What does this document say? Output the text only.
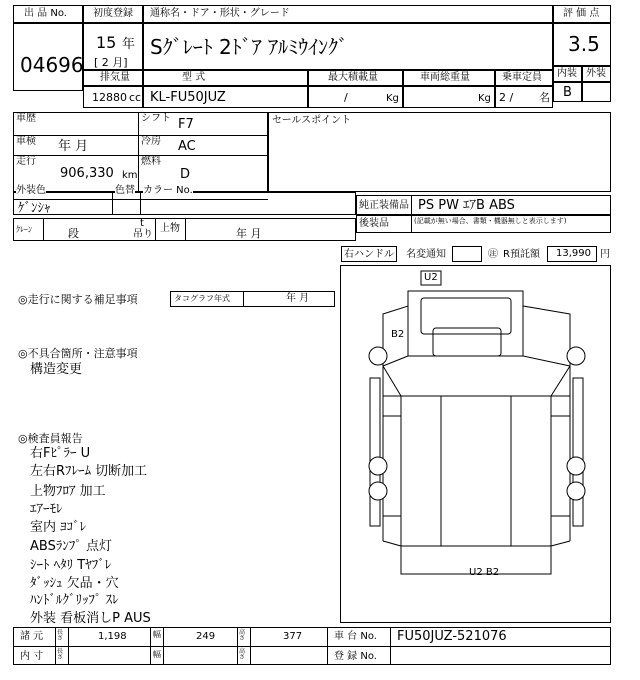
出 品 No.
04696
初度登録 通称名・ドア・形状・グレード
15 年
[ 2 月]
Sｸﾞﾚｰﾄ 2ﾄﾞｱ ｱﾙﾐｳｲﾝｸﾞ
評 価 点
3.5
内装 外装
B
排気量	型 式	最大積載量	車両総重量	乗車定員
12880 cc KL-FU50JUZ	/	Kg	Kg 2 / 名
車歴	シフト F7
車検 年 月	冷房 AC
走行
906,330 km
燃料
D
セールスポイント
外装色	色替 カラー No.
ｹﾞﾝｼｬ	純正装備品 PS PW ｴｱB ABS
後装品	(記載が無い場合、書類・機器無しと表示します)
ｸﾚｰﾝ	段
t
吊り
上物	年 月
右ハンドル 名変通知	㊟ R預託額 13,990 円
◎走行に関する補足事項	タコグラフ年式	年 月
◎不具合箇所・注意事項
構造変更
◎検査員報告
右Fﾋﾟﾗｰ U
左右Rﾌﾚｰﾑ 切断加工
上物ﾌﾛｱ 加工
ｴｱｰﾓﾚ
室内 ﾖｺﾞﾚ
ABSﾗﾝﾌﾟ 点灯
ｼｰﾄ ﾍﾀﾘ Tﾔﾌﾞﾚ
ﾀﾞｯｼｭ 欠品・穴
ﾊﾝﾄﾞﾙｸﾞﾘｯﾌﾟ ｽﾚ
外装 看板消しP AUS
U2
B2
U2 B2
諸 元 長さ	1,198	幅	249	高さ	377	車 台 No. FU50JUZ-521076
内 寸 長さ	幅	高さ	登 録 No.
